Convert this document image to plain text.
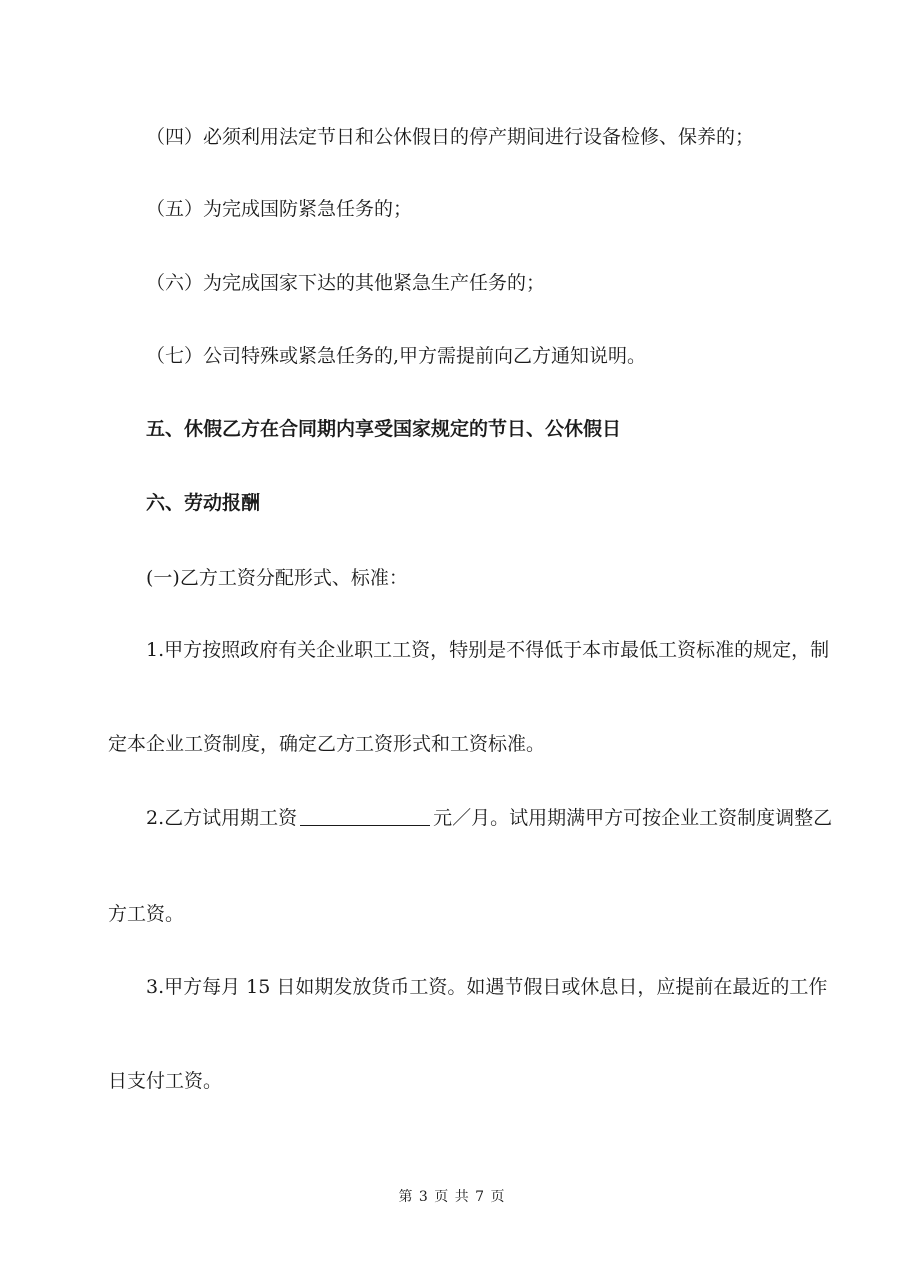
（四）必须利用法定节日和公休假日的停产期间进行设备检修、保养的；
（五）为完成国防紧急任务的；
（六）为完成国家下达的其他紧急生产任务的；
（七）公司特殊或紧急任务的,甲方需提前向乙方通知说明。
五、休假乙方在合同期内享受国家规定的节日、公休假日
六、劳动报酬
(一)乙方工资分配形式、标准：
1.甲方按照政府有关企业职工工资，特别是不得低于本市最低工资标准的规定，制
定本企业工资制度，确定乙方工资形式和工资标准。
2.乙方试用期工资	元／月。试用期满甲方可按企业工资制度调整乙
方工资。
3.甲方每月 15 日如期发放货币工资。如遇节假日或休息日，应提前在最近的工作
日支付工资。
第 3 页 共 7 页
